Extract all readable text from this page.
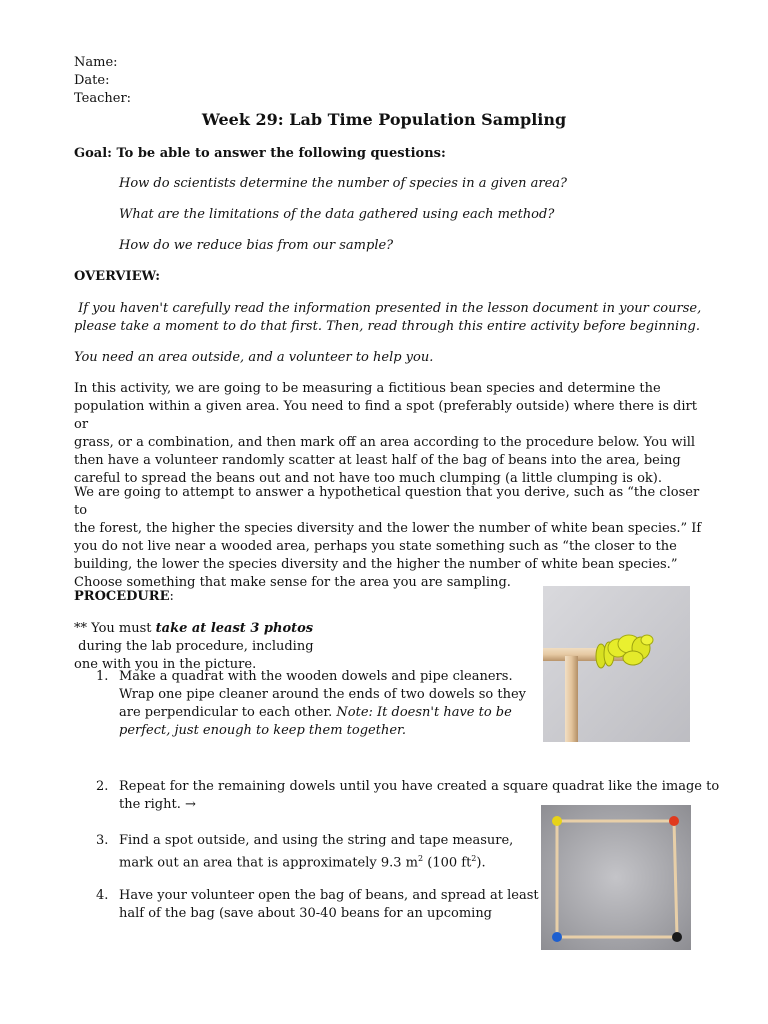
Name:
Date:
Teacher:
Week 29: Lab Time Population Sampling
Goal: To be able to answer the following questions:
How do scientists determine the number of species in a given area?
What are the limitations of the data gathered using each method?
How do we reduce bias from our sample?
OVERVIEW:
If you haven't carefully read the information presented in the lesson document in your course,
please take a moment to do that first. Then, read through this entire activity before beginning.
You need an area outside, and a volunteer to help you.
In this activity, we are going to be measuring a fictitious bean species and determine the
population within a given area. You need to find a spot (preferably outside) where there is dirt or
grass, or a combination, and then mark off an area according to the procedure below. You will
then have a volunteer randomly scatter at least half of the bag of beans into the area, being
careful to spread the beans out and not have too much clumping (a little clumping is ok).
We are going to attempt to answer a hypothetical question that you derive, such as “the closer to
the forest, the higher the species diversity and the lower the number of white bean species.” If
you do not live near a wooded area, perhaps you state something such as “the closer to the
building, the lower the species diversity and the higher the number of white bean species.”
Choose something that make sense for the area you are sampling.
PROCEDURE:
** You must take at least 3 photos during the lab procedure, including
one with you in the picture.
1. Make a quadrat with the wooden dowels and pipe cleaners.
Wrap one pipe cleaner around the ends of two dowels so they
are perpendicular to each other. Note: It doesn't have to be
perfect, just enough to keep them together.
2. Repeat for the remaining dowels until you have created a square quadrat like the image to
the right. →
3. Find a spot outside, and using the string and tape measure,
mark out an area that is approximately 9.3 $m^2$ (100 $ft^2$).
4. Have your volunteer open the bag of beans, and spread at least
half of the bag (save about 30-40 beans for an upcoming
